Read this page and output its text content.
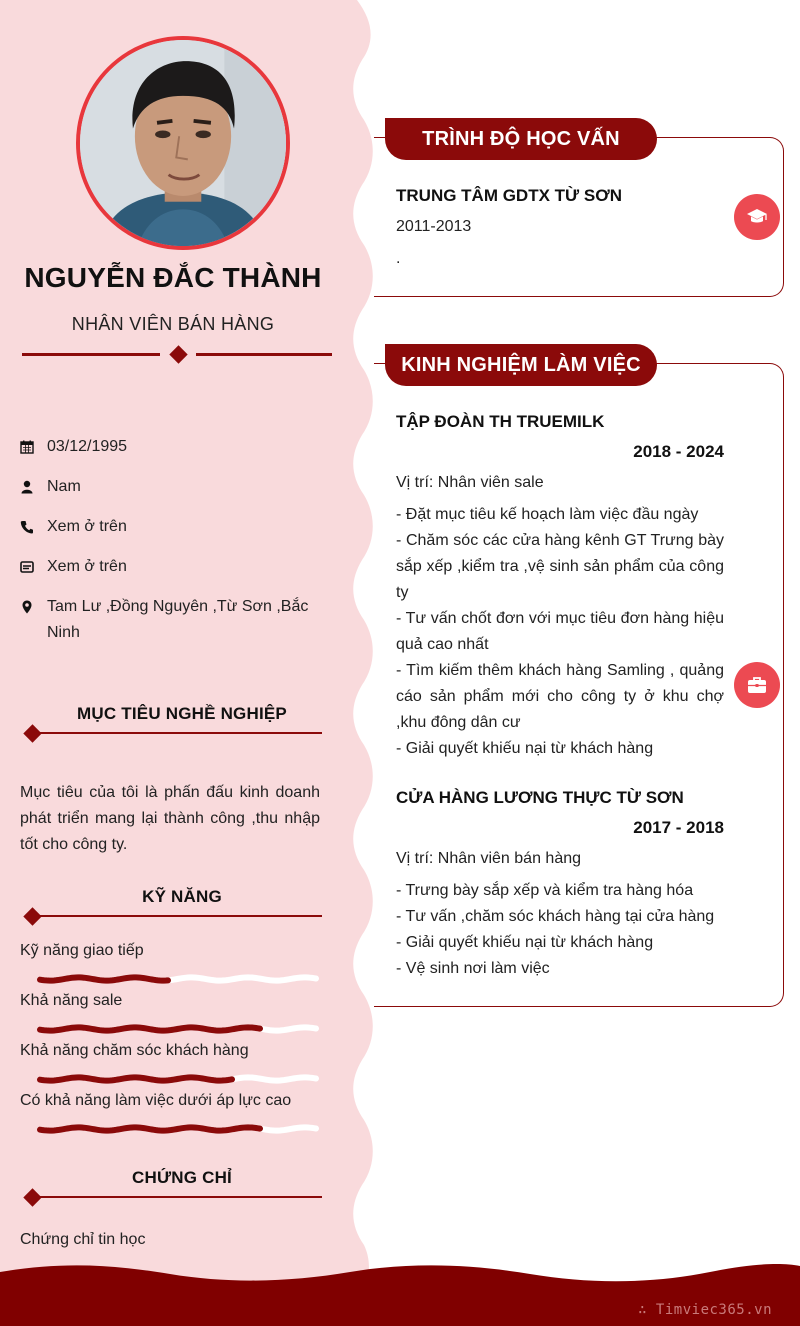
∴ Timviec365.vn
NGUYỄN ĐẮC THÀNH
NHÂN VIÊN BÁN HÀNG
03/12/1995
Nam
Xem ở trên
Xem ở trên
Tam Lư ,Đồng Nguyên ,Từ Sơn ,Bắc Ninh
MỤC TIÊU NGHỀ NGHIỆP
Mục tiêu của tôi là phấn đấu kinh doanh phát triển mang lại thành công ,thu nhập tốt cho công ty.
KỸ NĂNG
Kỹ năng giao tiếp
Khả năng sale
Khả năng chăm sóc khách hàng
Có khả năng làm việc dưới áp lực cao
CHỨNG CHỈ
Chứng chỉ tin học
TRÌNH ĐỘ HỌC VẤN
TRUNG TÂM GDTX TỪ SƠN
2011-2013
.
KINH NGHIỆM LÀM VIỆC
TẬP ĐOÀN TH TRUEMILK
2018 - 2024
Vị trí: Nhân viên sale
- Đặt mục tiêu kế hoạch làm việc đầu ngày
- Chăm sóc các cửa hàng kênh GT Trưng bày sắp xếp ,kiểm tra ,vệ sinh sản phẩm của công ty
- Tư vấn chốt đơn với mục tiêu đơn hàng hiệu quả cao nhất
- Tìm kiếm thêm khách hàng Samling , quảng cáo sản phẩm mới cho công ty ở khu chợ ,khu đông dân cư
- Giải quyết khiếu nại từ khách hàng
CỬA HÀNG LƯƠNG THỰC TỪ SƠN
2017 - 2018
Vị trí: Nhân viên bán hàng
- Trưng bày sắp xếp và kiểm tra hàng hóa
- Tư vấn ,chăm sóc khách hàng tại cửa hàng
- Giải quyết khiếu nại từ khách hàng
- Vệ sinh nơi làm việc
